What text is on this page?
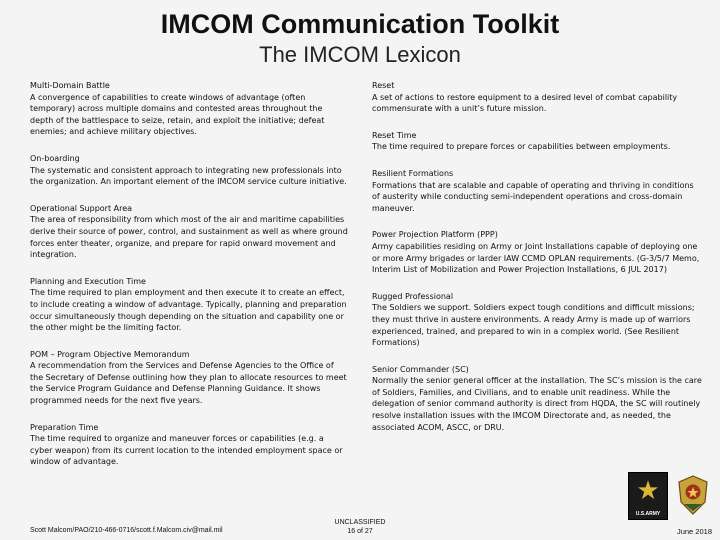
IMCOM Communication Toolkit
The IMCOM Lexicon
Multi-Domain Battle
A convergence of capabilities to create windows of advantage (often temporary) across multiple domains and contested areas throughout the depth of the battlespace to seize, retain, and exploit the initiative; defeat enemies; and achieve military objectives.
On-boarding
The systematic and consistent approach to integrating new professionals into the organization. An important element of the IMCOM service culture initiative.
Operational Support Area
The area of responsibility from which most of the air and maritime capabilities derive their source of power, control, and sustainment as well as where ground forces enter theater, organize, and prepare for rapid onward movement and integration.
Planning and Execution Time
The time required to plan employment and then execute it to create an effect, to include creating a window of advantage. Typically, planning and preparation occur simultaneously though depending on the situation and capability one or the other might be the limiting factor.
POM – Program Objective Memorandum
A recommendation from the Services and Defense Agencies to the Office of the Secretary of Defense outlining how they plan to allocate resources to meet the Service Program Guidance and Defense Planning Guidance. It shows programmed needs for the next five years.
Preparation Time
The time required to organize and maneuver forces or capabilities (e.g. a cyber weapon) from its current location to the intended employment space or window of advantage.
Reset
A set of actions to restore equipment to a desired level of combat capability commensurate with a unit’s future mission.
Reset Time
The time required to prepare forces or capabilities between employments.
Resilient Formations
Formations that are scalable and capable of operating and thriving in conditions of austerity while conducting semi-independent operations and cross-domain maneuver.
Power Projection Platform (PPP)
Army capabilities residing on Army or Joint Installations capable of deploying one or more Army brigades or larder IAW CCMD OPLAN requirements. (G-3/5/7 Memo, Interim List of Mobilization and Power Projection Installations, 6 JUL 2017)
Rugged Professional
The Soldiers we support. Soldiers expect tough conditions and difficult missions; they must thrive in austere environments. A ready Army is made up of warriors experienced, trained, and prepared to win in a complex world. (See Resilient Formations)
Senior Commander (SC)
Normally the senior general officer at the installation. The SC’s mission is the care of Soldiers, Families, and Civilians, and to enable unit readiness. While the delegation of senior command authority is direct from HQDA, the SC will routinely resolve installation issues with the IMCOM Directorate and, as needed, the associated ACOM, ASCC, or DRU.
★
U.S.ARMY
Scott Malcom/PAO/210-466-0716/scott.f.Malcom.civ@mail.mil
UNCLASSIFIED
16 of 27	June 2018
